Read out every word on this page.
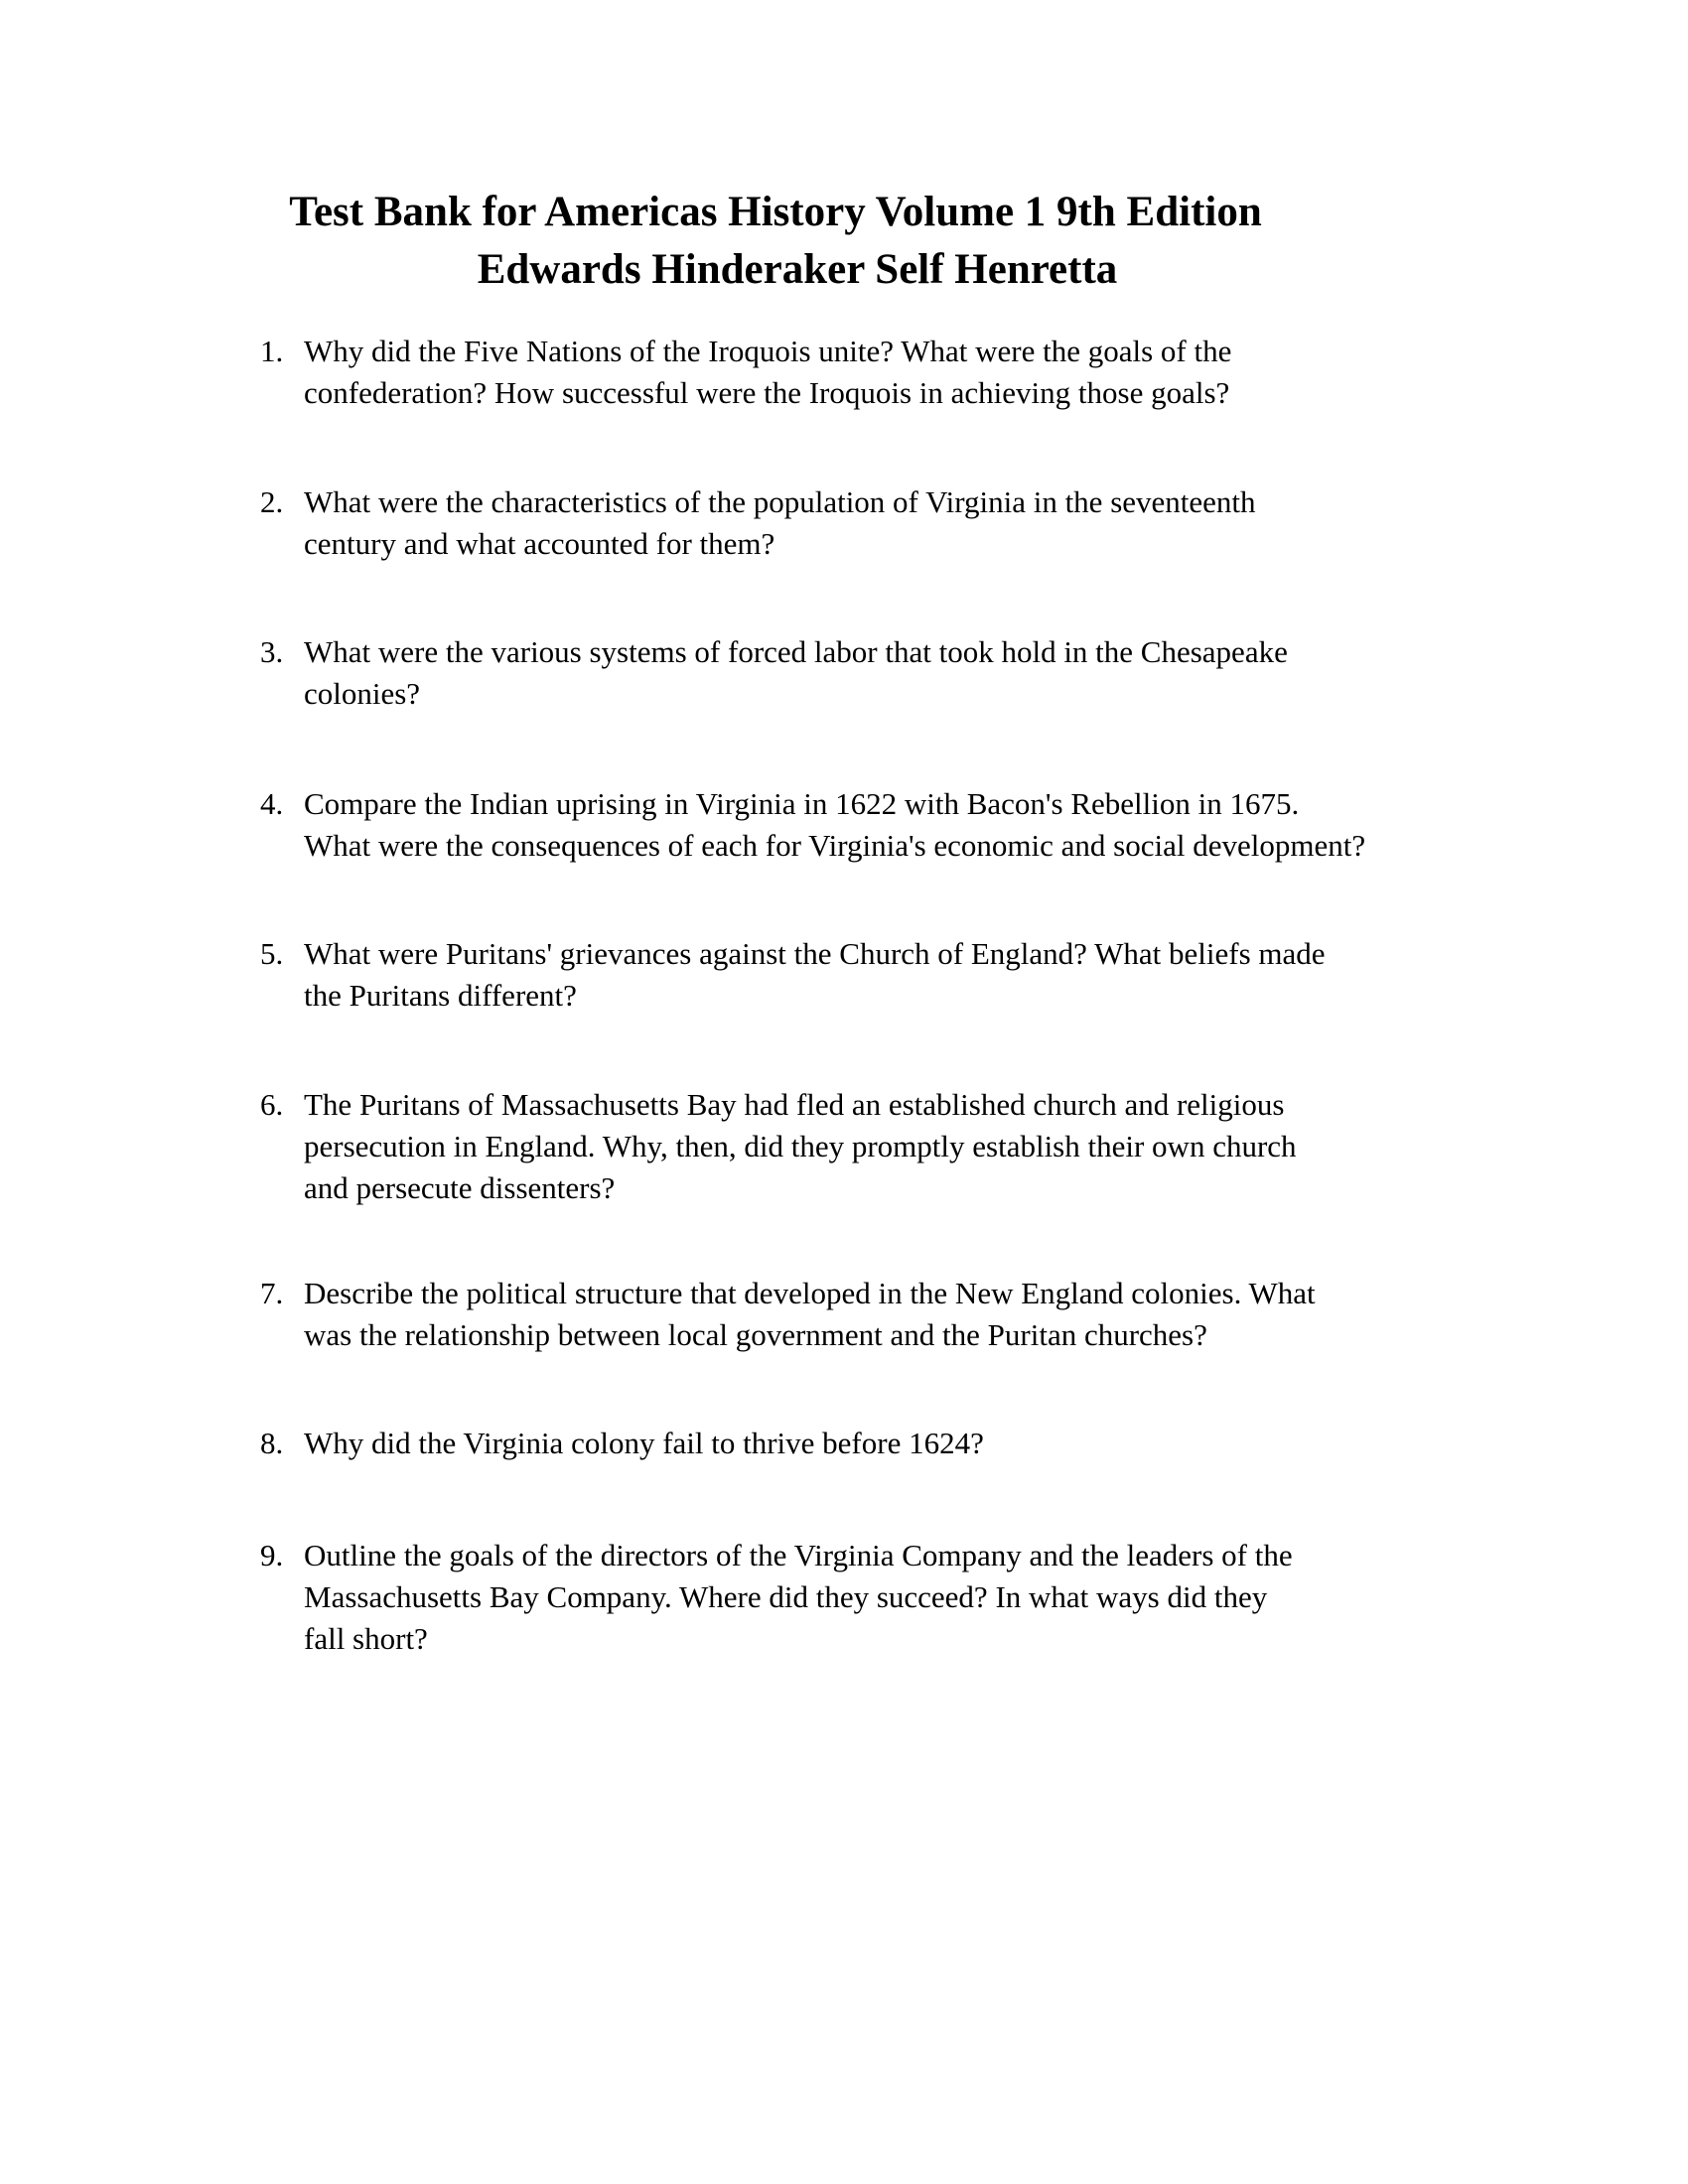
Test Bank for Americas History Volume 1 9th Edition
Edwards Hinderaker Self Henretta
1. Why did the Five Nations of the Iroquois unite? What were the goals of the
confederation? How successful were the Iroquois in achieving those goals?
2. What were the characteristics of the population of Virginia in the seventeenth
century and what accounted for them?
3. What were the various systems of forced labor that took hold in the Chesapeake
colonies?
4. Compare the Indian uprising in Virginia in 1622 with Bacon's Rebellion in 1675.
What were the consequences of each for Virginia's economic and social development?
5. What were Puritans' grievances against the Church of England? What beliefs made
the Puritans different?
6. The Puritans of Massachusetts Bay had fled an established church and religious
persecution in England. Why, then, did they promptly establish their own church
and persecute dissenters?
7. Describe the political structure that developed in the New England colonies. What
was the relationship between local government and the Puritan churches?
8. Why did the Virginia colony fail to thrive before 1624?
9. Outline the goals of the directors of the Virginia Company and the leaders of the
Massachusetts Bay Company. Where did they succeed? In what ways did they
fall short?
